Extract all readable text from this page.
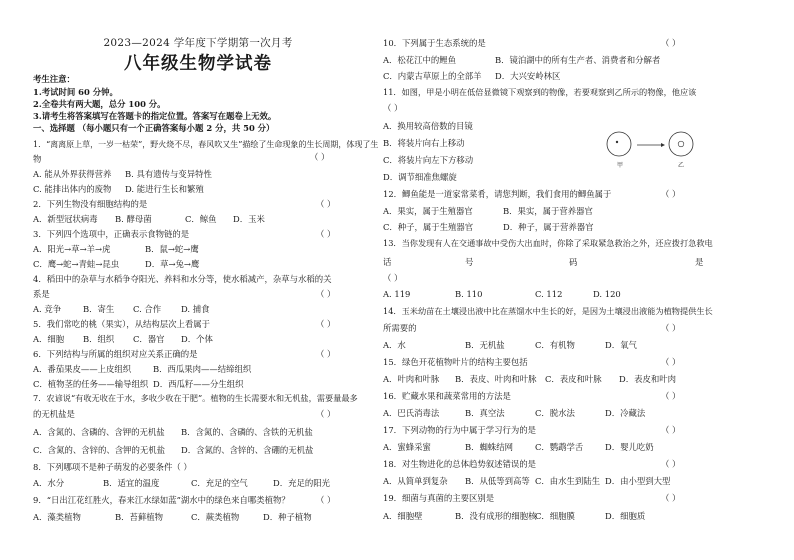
2023—2024 学年度下学期第一次月考
八年级生物学试卷
考生注意：
1.考试时间 60 分钟。
2.全卷共有两大题，总分 100 分。
3.请考生将答案填写在答题卡的指定位置。答案写在题卷上无效。
一、选择题 （每小题只有一个正确答案每小题 2 分，共 50 分）
1．“离离原上草，一岁一枯荣”，野火烧不尽，春风吹又生”描绘了生命现象的生长周期，体现了生
物	（ ）
A. 能从外界获得营养 B. 具有遗传与变异特性
C. 能排出体内的废物 D. 能进行生长和繁殖
2．下列生物没有细胞结构的是	（ ）
A．新型冠状病毒 B. 酵母菌	C．鲸鱼 D．玉米
3．下列四个选项中，正确表示食物链的是	（ ）
A．阳光→草→羊→虎	B．鼠→蛇→鹰
C．鹰→蛇→青蛙→昆虫	D．草→兔→鹰
4．稻田中的杂草与水稻争夺阳光、养料和水分等，使水稻减产，杂草与水稻的关
系是	（ ）
A. 竞争	B．寄生 C. 合作 D. 捕食
5．我们常吃的桃（果实），从结构层次上看属于	（ ）
A．细胞 B．组织 C．器官 D．个体
6．下列结构与所属的组织对应关系正确的是	（ ）
A．番茄果皮——上皮组织	B．西瓜果肉——结缔组织
C．植物茎的任务——输导组织 D．西瓜籽——分生组织
7．农谚说“有收无收在于水，多收少收在于肥”。植物的生长需要水和无机盐，需要量最多
的无机盐是	（ ）
A．含氮的、含磷的、含钾的无机盐 B．含氮的、含磷的、含铁的无机盐
C．含氮的、含锌的、含钾的无机盐 D．含氮的、含锌的、含硼的无机盐
8．下列哪项不是种子萌发的必要条件（ ）
A．水分	B．适宜的温度	C．充足的空气	D．充足的阳光
9．“日出江花红胜火，春来江水绿如蓝”湖水中的绿色来自哪类植物？	（ ）
A．藻类植物	B．苔藓植物	C．蕨类植物	D．种子植物
10．下列属于生态系统的是	（ ）
A．松花江中的鲤鱼	B．镜泊湖中的所有生产者、消费者和分解者
C．内蒙古草原上的全部羊 D．大兴安岭林区
11．如图，甲是小明在低倍显微镜下观察到的物像，若要观察到乙所示的物像，他应该
（ ）
A．换用较高倍数的目镜
B．将装片向右上移动
C．将装片向左下方移动
D．调节细准焦螺旋
12．鲫鱼能是一道家常菜肴，请您判断，我们食用的鲫鱼属于	（ ）
A．果实，属于生殖器官	B．果实，属于营养器官
C．种子，属于生殖器官	D．种子，属于营养器官
13．当你发现有人在交通事故中受伤大出血时，你除了采取紧急救治之外，还应拨打急救电
话	号	码	是
（ ）
A. 119	B. 110	C. 112	D. 120
14．玉米幼苗在土壤浸出液中比在蒸馏水中生长的好，是因为土壤浸出液能为植物提供生长
所需要的	（ ）
A．水	B．无机盐	C．有机物	D．氧气
15．绿色开花植物叶片的结构主要包括	（ ）
A．叶肉和叶脉 B．表皮、叶肉和叶脉 C．表皮和叶脉 D．表皮和叶肉
16．贮藏水果和蔬菜常用的方法是	（ ）
A．巴氏消毒法	B．真空法	C．脱水法	D．冷藏法
17．下列动物的行为中属于学习行为的是	（ ）
A．蜜蜂采蜜	B．蜘蛛结网	C．鹦鹉学舌	D．婴儿吃奶
18．对生物进化的总体趋势叙述错误的是	（ ）
A．从简单到复杂 B．从低等到高等 C．由水生到陆生 D．由小型到大型
19．细菌与真菌的主要区别是	（ ）
A．细胞壁	B．没有成形的细胞核
C．细胞膜	D．细胞质
甲	乙
